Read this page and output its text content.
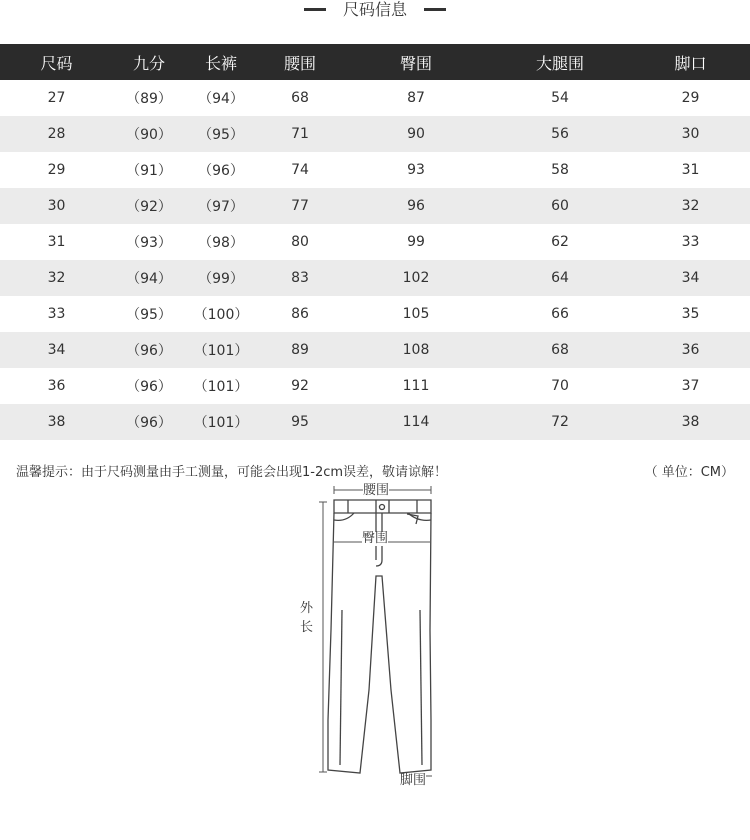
尺码信息
尺码	九分	长裤	腰围	臀围	大腿围	脚口
27	（89）	（94）	68	87	54	29
28	（90）	（95）	71	90	56	30
29	（91）	（96）	74	93	58	31
30	（92）	（97）	77	96	60	32
31	（93）	（98）	80	99	62	33
32	（94）	（99）	83	102	64	34
33	（95）	（100）	86	105	66	35
34	（96）	（101）	89	108	68	36
36	（96）	（101）	92	111	70	37
38	（96）	（101）	95	114	72	38
温馨提示：由于尺码测量由手工测量，可能会出现1-2cm误差，敬请谅解！	（ 单位：CM）
腰围
臀围
外
长
脚围
